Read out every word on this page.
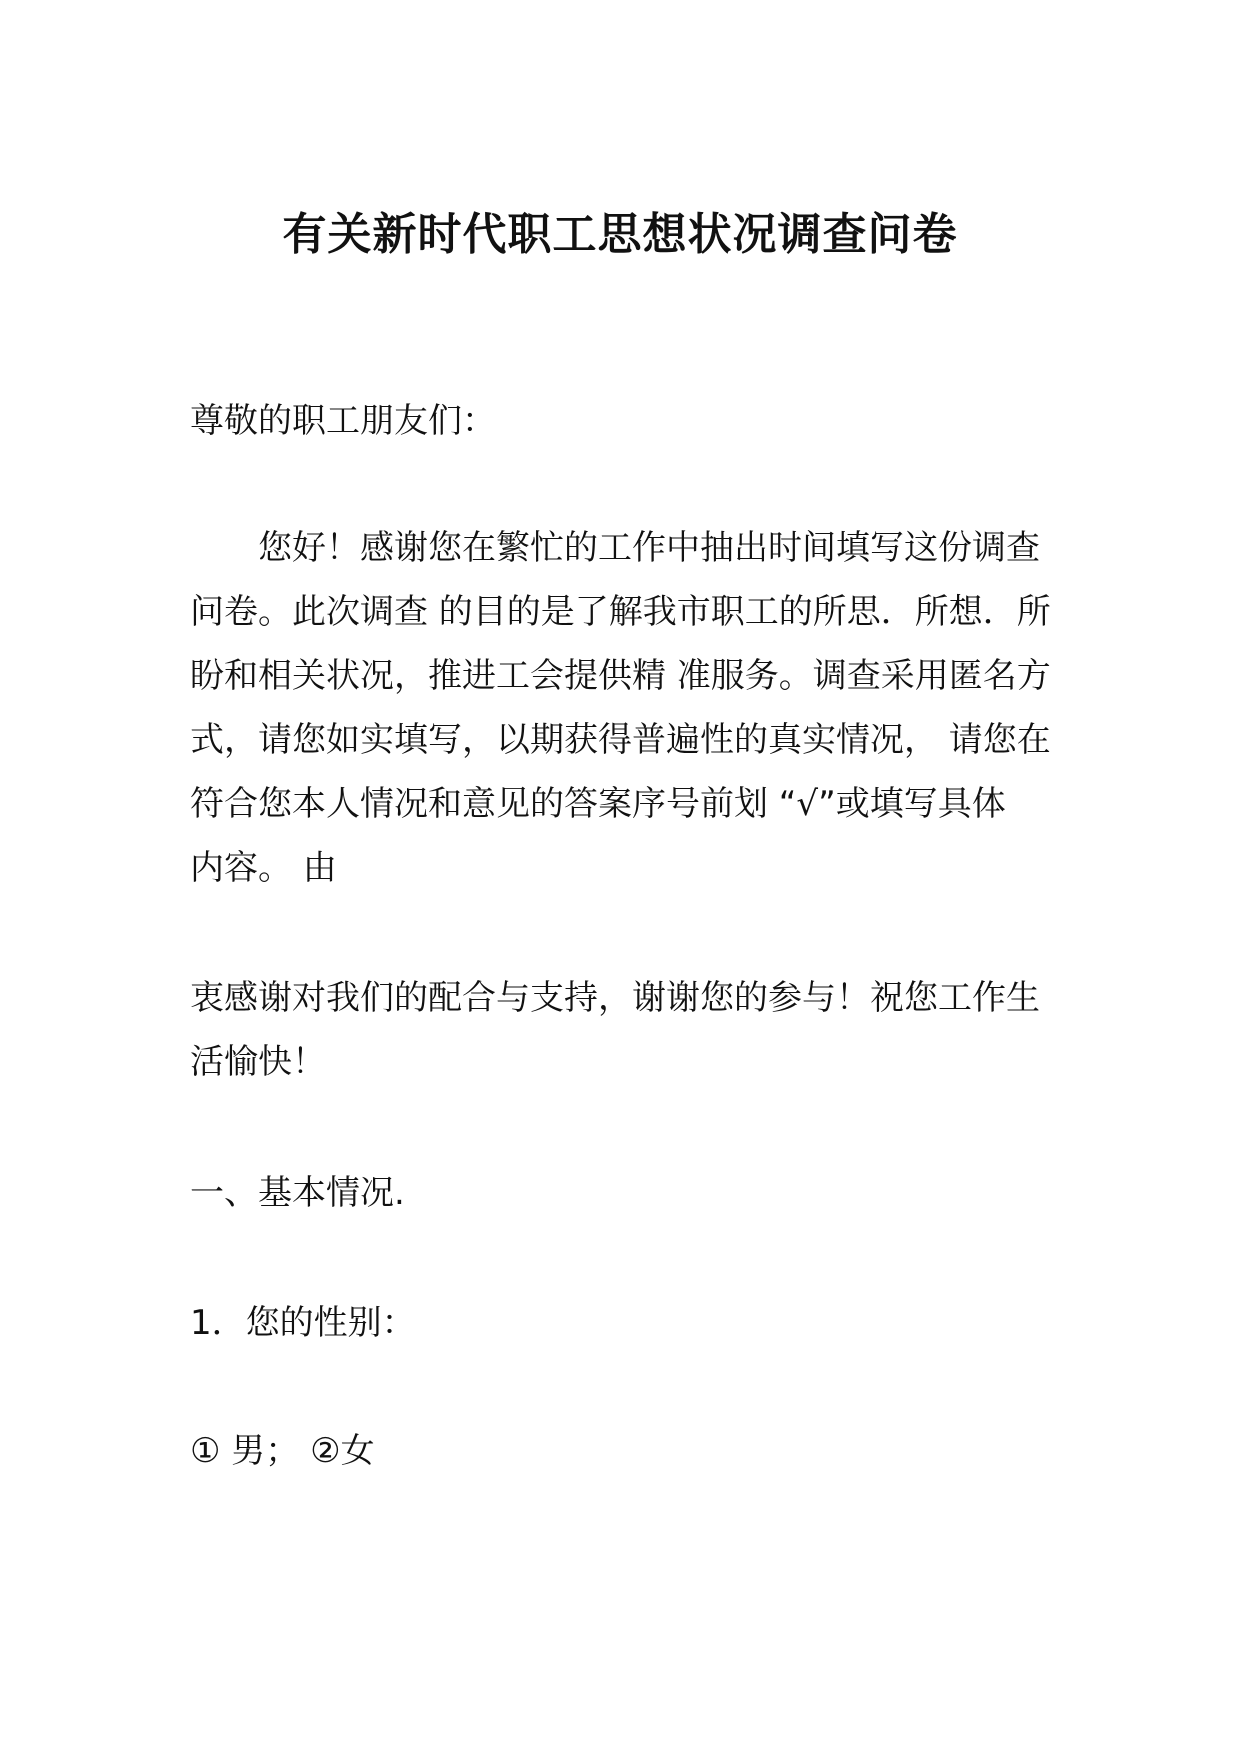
有关新时代职工思想状况调查问卷
尊敬的职工朋友们：
您好！感谢您在繁忙的工作中抽出时间填写这份调查
问卷。此次调查 的目的是了解我市职工的所思．所想．所
盼和相关状况，推进工会提供精 准服务。调查采用匿名方
式，请您如实填写，以期获得普遍性的真实情况， 请您在
符合您本人情况和意见的答案序号前划 “√”或填写具体
内容。 由
衷感谢对我们的配合与支持，谢谢您的参与！祝您工作生
活愉快！
一、基本情况.
1．您的性别：
① 男； ②女
